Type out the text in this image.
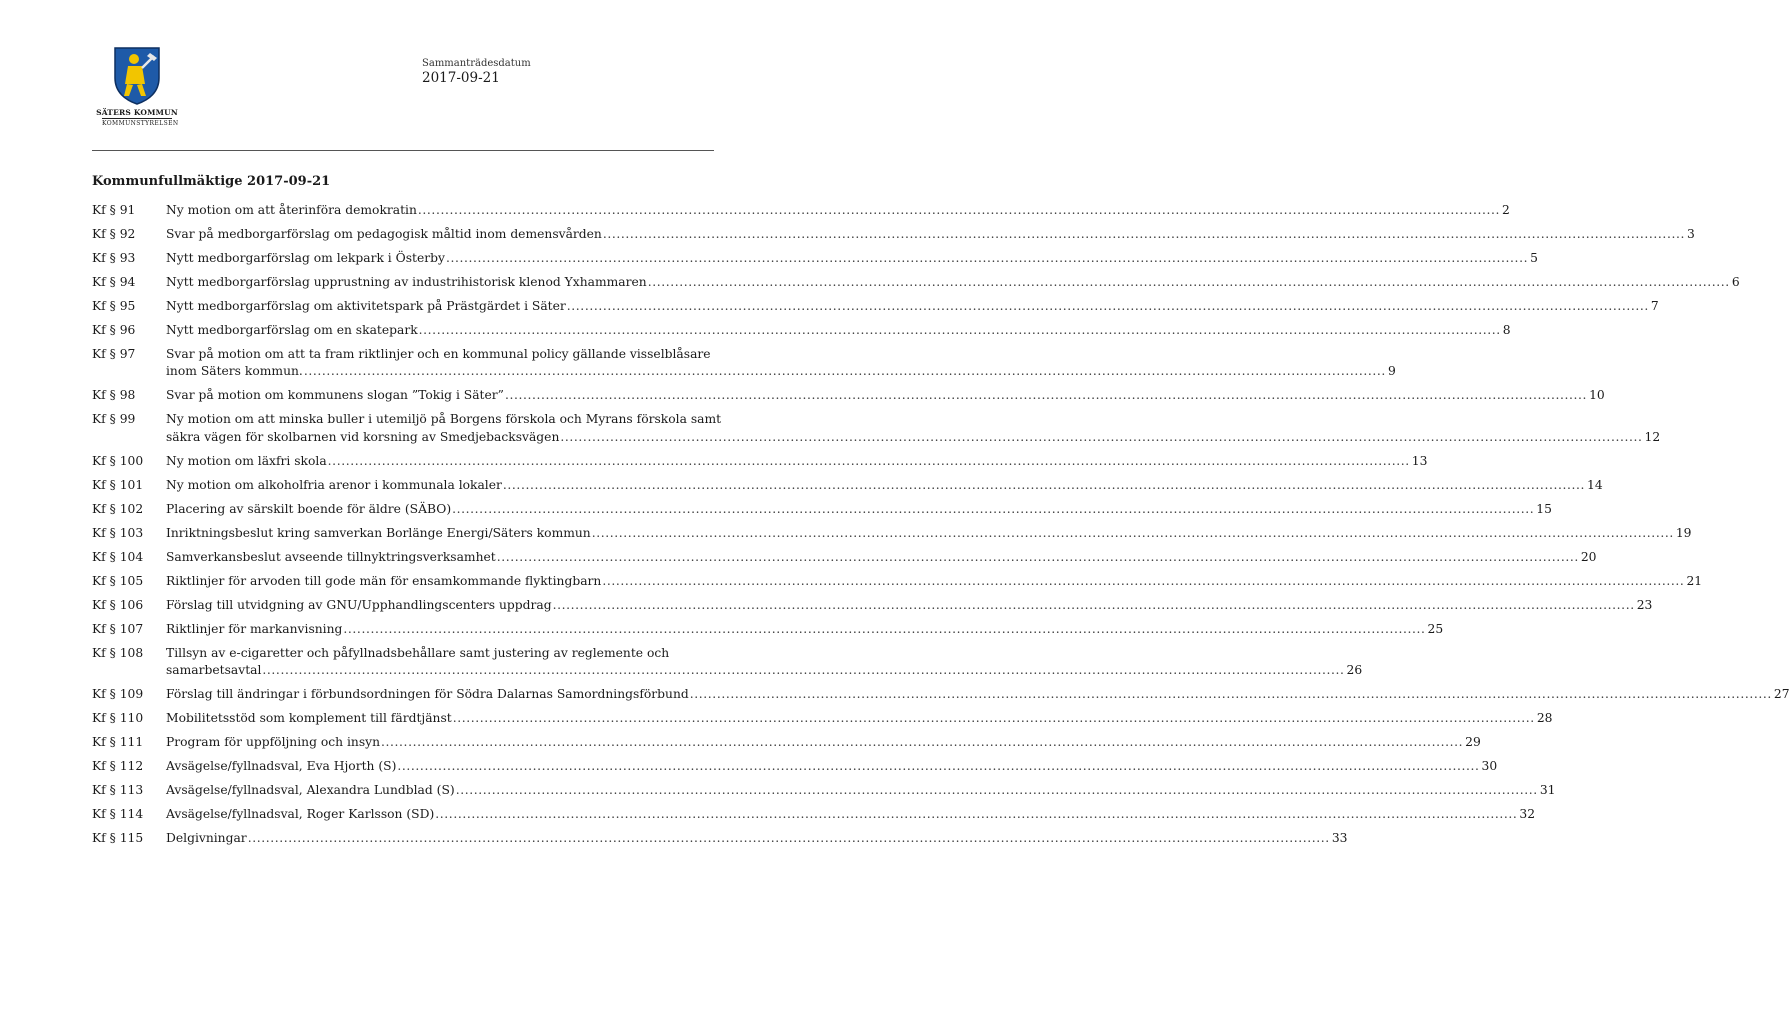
SÄTERS KOMMUN
KOMMUNSTYRELSEN
Sammanträdesdatum
2017-09-21
Kommunfullmäktige 2017-09-21
Kf § 91	Ny motion om att återinföra demokratin .....	2
Kf § 92	Svar på medborgarförslag om pedagogisk måltid inom demensvården .....	3
Kf § 93	Nytt medborgarförslag om lekpark i Österby .....	5
Kf § 94	Nytt medborgarförslag upprustning av industrihistorisk klenod Yxhammaren .....	6
Kf § 95	Nytt medborgarförslag om aktivitetspark på Prästgärdet i Säter .....	7
Kf § 96	Nytt medborgarförslag om en skatepark .....	8
Kf § 97	Svar på motion om att ta fram riktlinjer och en kommunal policy gällande visselblåsare
inom Säters kommun. .....	9
Kf § 98	Svar på motion om kommunens slogan ”Tokig i Säter” .....	10
Kf § 99	Ny motion om att minska buller i utemiljö på Borgens förskola och Myrans förskola samt
säkra vägen för skolbarnen vid korsning av Smedjebacksvägen .....	12
Kf § 100	Ny motion om läxfri skola .....	13
Kf § 101	Ny motion om alkoholfria arenor i kommunala lokaler .....	14
Kf § 102	Placering av särskilt boende för äldre (SÄBO) .....	15
Kf § 103	Inriktningsbeslut kring samverkan Borlänge Energi/Säters kommun .....	19
Kf § 104	Samverkansbeslut avseende tillnyktringsverksamhet .....	20
Kf § 105	Riktlinjer för arvoden till gode män för ensamkommande flyktingbarn .....	21
Kf § 106	Förslag till utvidgning av GNU/Upphandlingscenters uppdrag .....	23
Kf § 107	Riktlinjer för markanvisning .....	25
Kf § 108	Tillsyn av e-cigaretter och påfyllnadsbehållare samt justering av reglemente och
samarbetsavtal .....	26
Kf § 109	Förslag till ändringar i förbundsordningen för Södra Dalarnas Samordningsförbund .....	27
Kf § 110	Mobilitetsstöd som komplement till färdtjänst .....	28
Kf § 111	Program för uppföljning och insyn .....	29
Kf § 112	Avsägelse/fyllnadsval, Eva Hjorth (S) .....	30
Kf § 113	Avsägelse/fyllnadsval, Alexandra Lundblad (S) .....	31
Kf § 114	Avsägelse/fyllnadsval, Roger Karlsson (SD) .....	32
Kf § 115	Delgivningar .....	33
